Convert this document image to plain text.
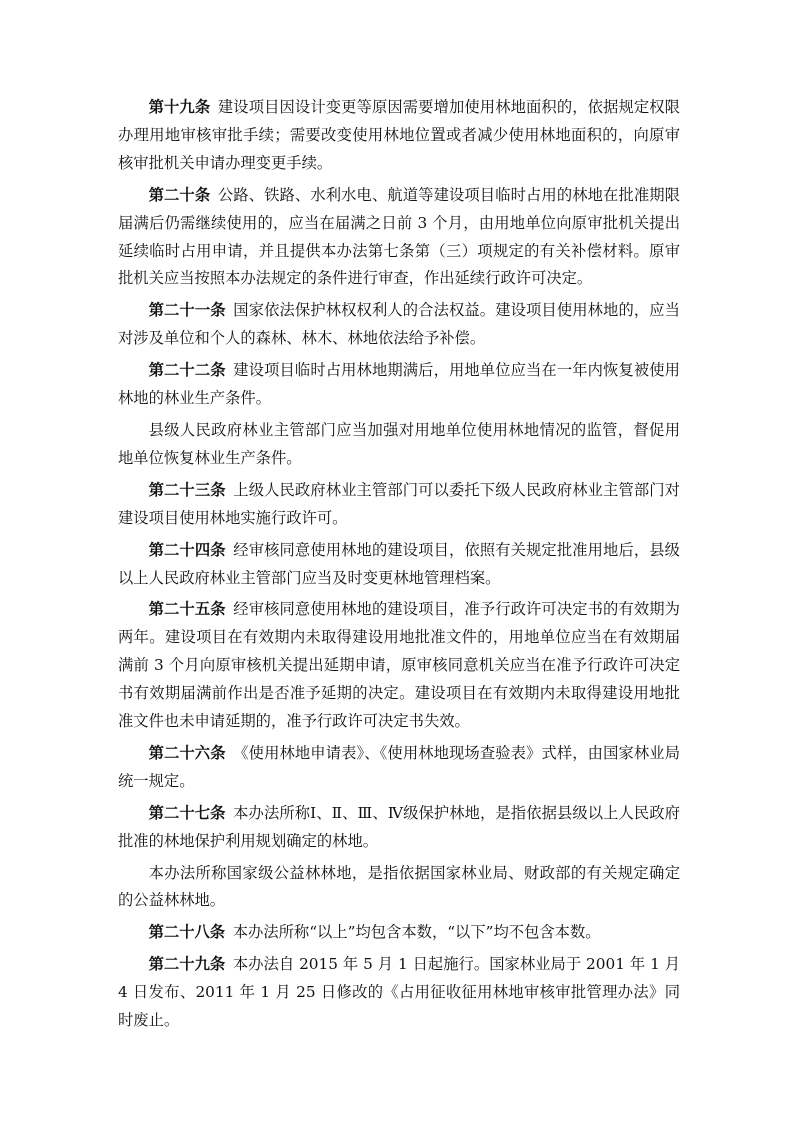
第十九条 建设项目因设计变更等原因需要增加使用林地面积的，依据规定权限办理用地审核审批手续；需要改变使用林地位置或者减少使用林地面积的，向原审核审批机关申请办理变更手续。

第二十条 公路、铁路、水利水电、航道等建设项目临时占用的林地在批准期限届满后仍需继续使用的，应当在届满之日前 3 个月，由用地单位向原审批机关提出延续临时占用申请，并且提供本办法第七条第（三）项规定的有关补偿材料。原审批机关应当按照本办法规定的条件进行审查，作出延续行政许可决定。

第二十一条 国家依法保护林权权利人的合法权益。建设项目使用林地的，应当对涉及单位和个人的森林、林木、林地依法给予补偿。

第二十二条 建设项目临时占用林地期满后，用地单位应当在一年内恢复被使用林地的林业生产条件。

县级人民政府林业主管部门应当加强对用地单位使用林地情况的监管，督促用地单位恢复林业生产条件。

第二十三条 上级人民政府林业主管部门可以委托下级人民政府林业主管部门对建设项目使用林地实施行政许可。

第二十四条 经审核同意使用林地的建设项目，依照有关规定批准用地后，县级以上人民政府林业主管部门应当及时变更林地管理档案。

第二十五条 经审核同意使用林地的建设项目，准予行政许可决定书的有效期为两年。建设项目在有效期内未取得建设用地批准文件的，用地单位应当在有效期届满前 3 个月向原审核机关提出延期申请，原审核同意机关应当在准予行政许可决定书有效期届满前作出是否准予延期的决定。建设项目在有效期内未取得建设用地批准文件也未申请延期的，准予行政许可决定书失效。

第二十六条 《使用林地申请表》、《使用林地现场查验表》式样，由国家林业局统一规定。

第二十七条 本办法所称Ⅰ、Ⅱ、Ⅲ、Ⅳ级保护林地，是指依据县级以上人民政府批准的林地保护利用规划确定的林地。

本办法所称国家级公益林林地，是指依据国家林业局、财政部的有关规定确定的公益林林地。

第二十八条 本办法所称“以上”均包含本数，“以下”均不包含本数。

第二十九条 本办法自 2015 年 5 月 1 日起施行。国家林业局于 2001 年 1 月 4 日发布、2011 年 1 月 25 日修改的《占用征收征用林地审核审批管理办法》同时废止。
